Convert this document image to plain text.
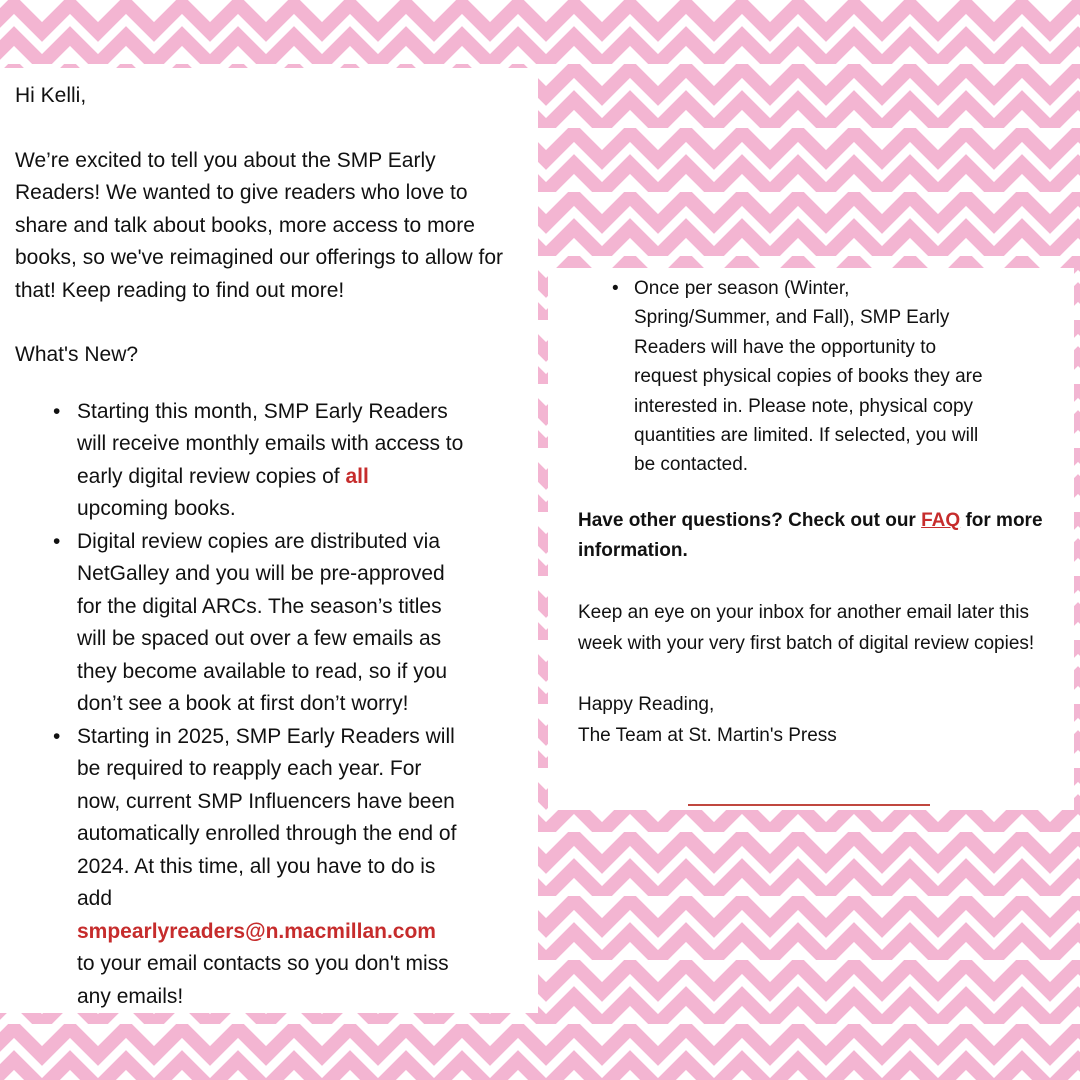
Hi Kelli,

We’re excited to tell you about the SMP Early Readers! We wanted to give readers who love to share and talk about books, more access to more books, so we've reimagined our offerings to allow for that! Keep reading to find out more!

What's New?

• Starting this month, SMP Early Readers will receive monthly emails with access to early digital review copies of all upcoming books.
• Digital review copies are distributed via NetGalley and you will be pre-approved for the digital ARCs. The season’s titles will be spaced out over a few emails as they become available to read, so if you don’t see a book at first don’t worry!
• Starting in 2025, SMP Early Readers will be required to reapply each year. For now, current SMP Influencers have been automatically enrolled through the end of 2024. At this time, all you have to do is add
smpearlyreaders@n.macmillan.com
to your email contacts so you don't miss any emails!
• Once per season (Winter, Spring/Summer, and Fall), SMP Early Readers will have the opportunity to request physical copies of books they are interested in. Please note, physical copy quantities are limited. If selected, you will be contacted.

Have other questions? Check out our FAQ for more information.

Keep an eye on your inbox for another email later this week with your very first batch of digital review copies!

Happy Reading,

The Team at St. Martin's Press
